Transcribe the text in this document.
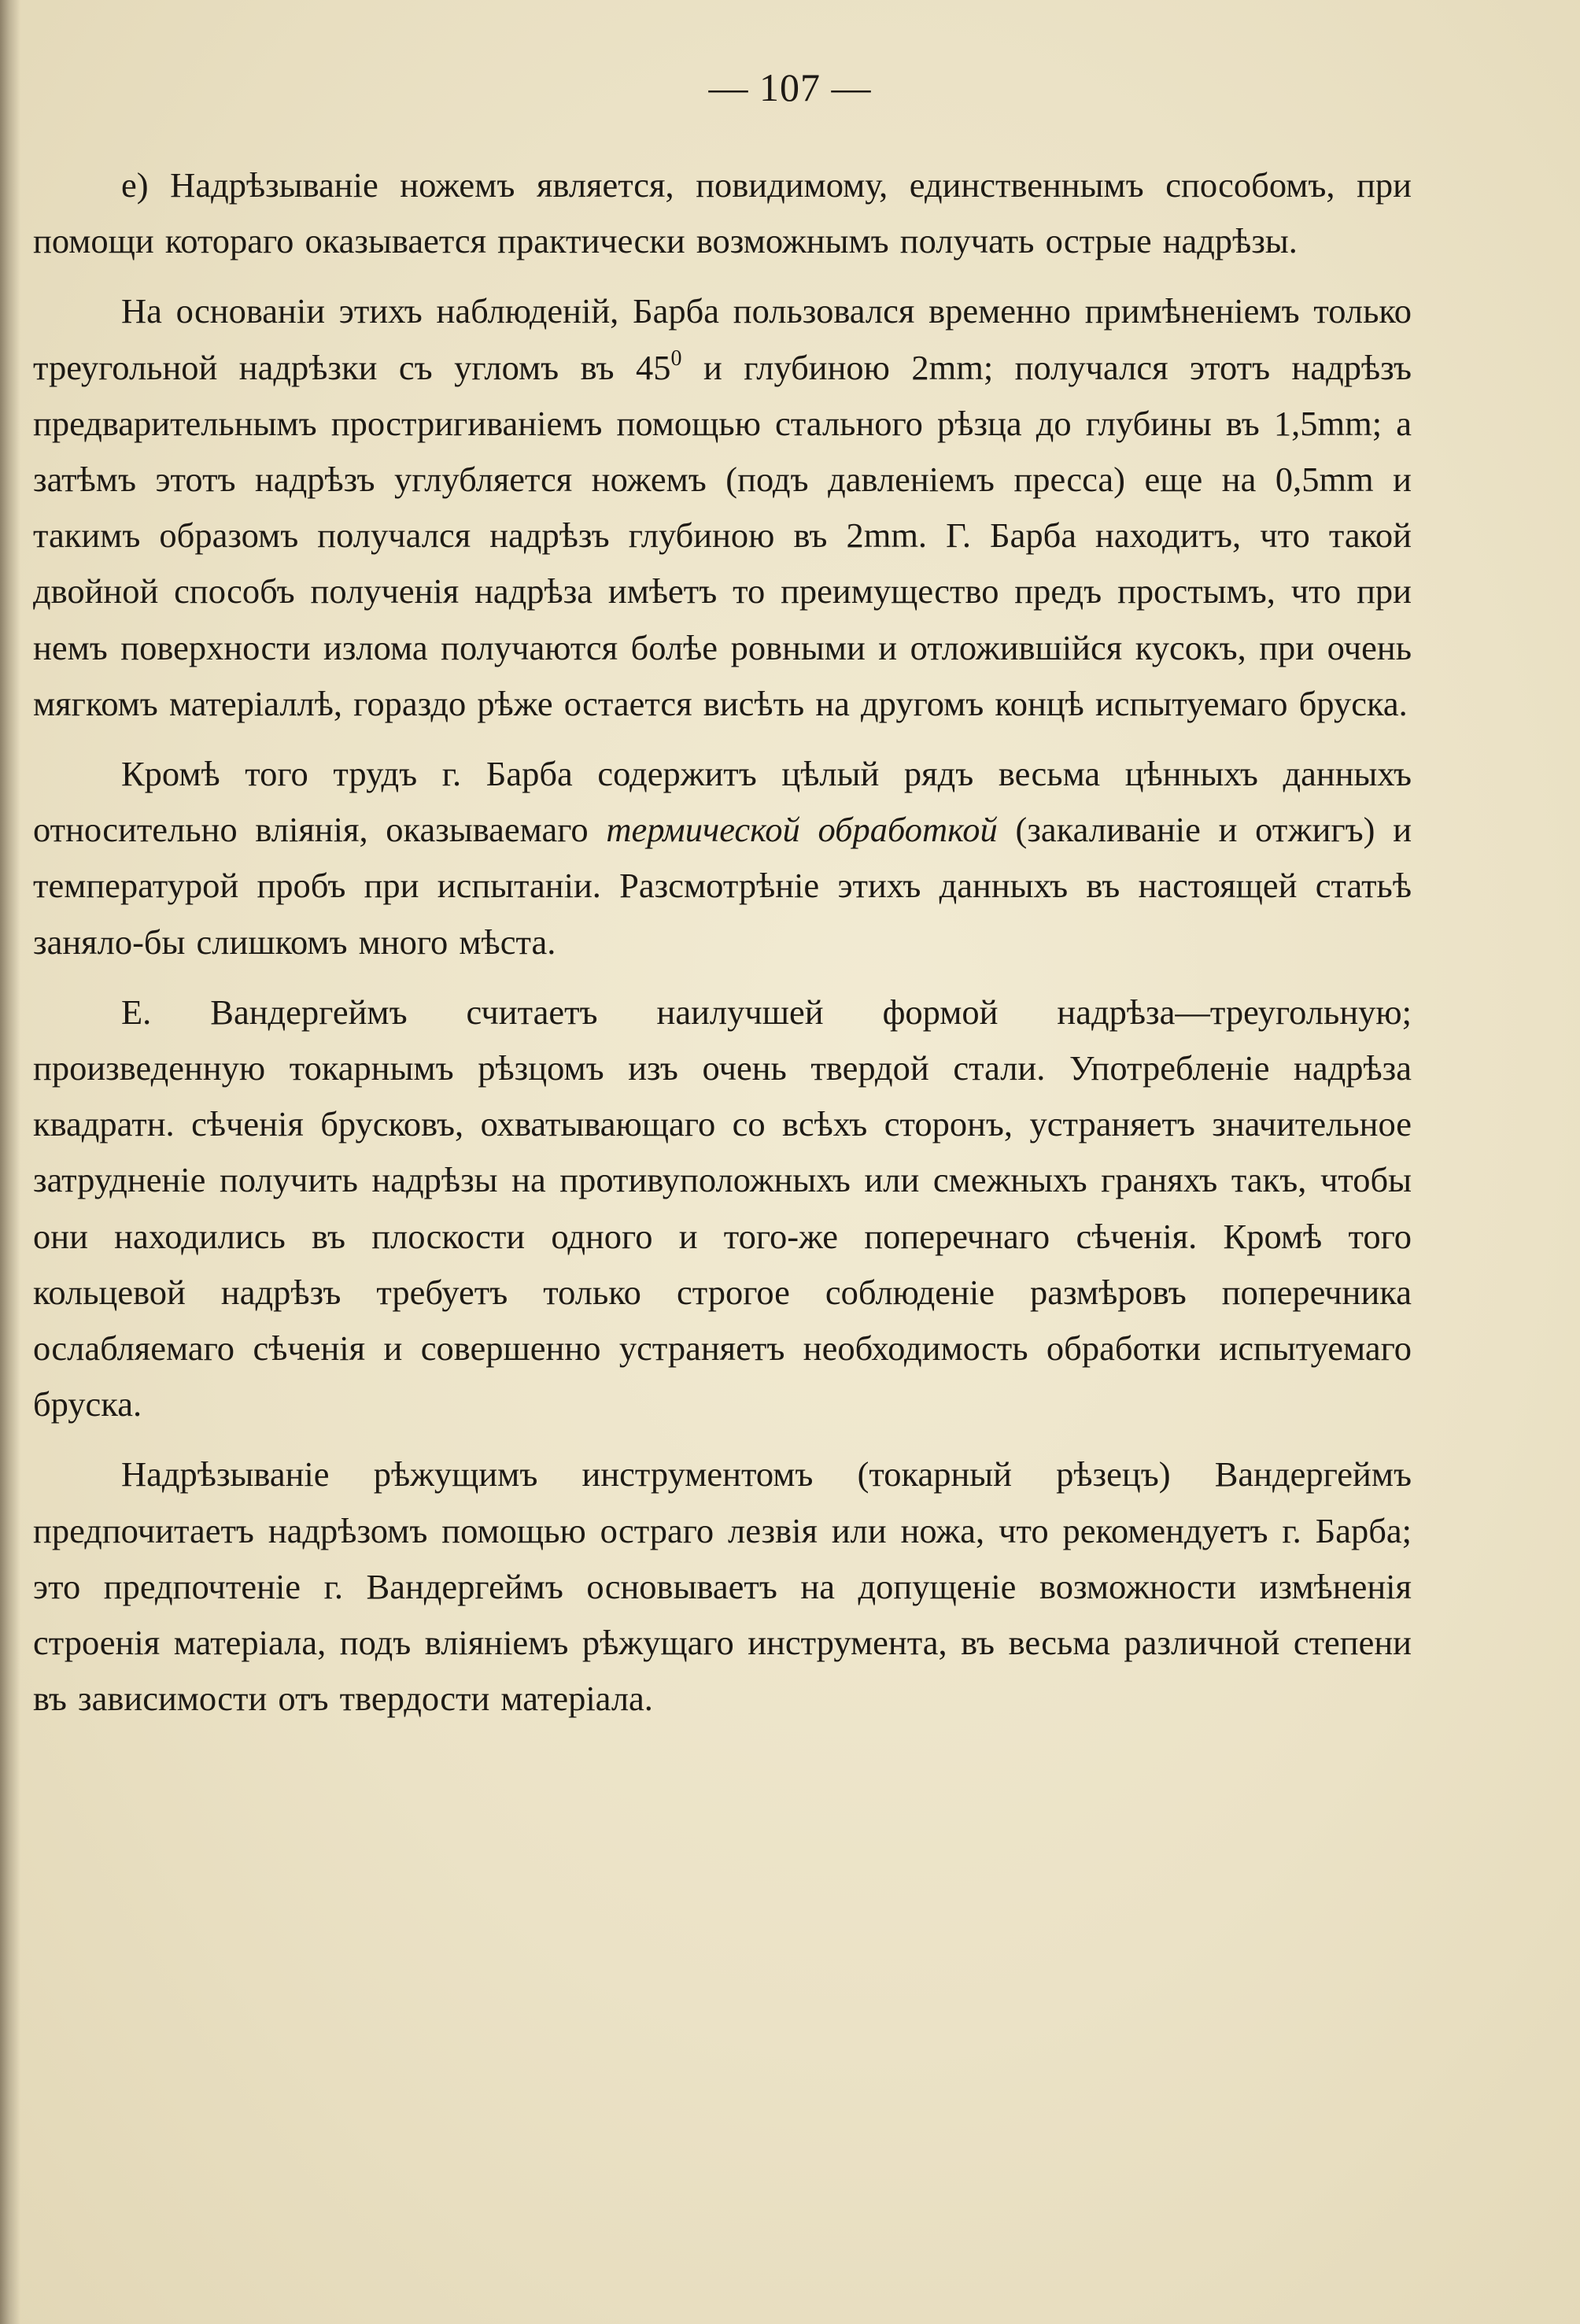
— 107 —

е) Надрѣзываніе ножемъ является, повидимому, единственнымъ способомъ, при помощи котораго оказывается практически возможнымъ получать острые надрѣзы.

На основаніи этихъ наблюденій, Барба пользовался временно примѣненіемъ только треугольной надрѣзки съ угломъ въ $45^0$ и глубиною 2mm; получался этотъ надрѣзъ предварительнымъ простригиваніемъ помощью стального рѣзца до глубины въ 1,5mm; а затѣмъ этотъ надрѣзъ углубляется ножемъ (подъ давленіемъ пресса) еще на 0,5mm и такимъ образомъ получался надрѣзъ глубиною въ 2mm. Г. Барба находитъ, что такой двойной способъ полученія надрѣза имѣетъ то преимущество предъ простымъ, что при немъ поверхности излома получаются болѣе ровными и отложившійся кусокъ, при очень мягкомъ матеріаллѣ, гораздо рѣже остается висѣть на другомъ концѣ испытуемаго бруска.

Кромѣ того трудъ г. Барба содержитъ цѣлый рядъ весьма цѣнныхъ данныхъ относительно вліянія, оказываемаго термической обработкой (закаливаніе и отжигъ) и температурой пробъ при испытаніи. Разсмотрѣніе этихъ данныхъ въ настоящей статьѣ заняло-бы слишкомъ много мѣста.

Е. Вандергеймъ считаетъ наилучшей формой надрѣза—треугольную; произведенную токарнымъ рѣзцомъ изъ очень твердой стали. Употребленіе надрѣза квадратн. сѣченія брусковъ, охватывающаго со всѣхъ сторонъ, устраняетъ значительное затрудненіе получить надрѣзы на противуположныхъ или смежныхъ граняхъ такъ, чтобы они находились въ плоскости одного и того-же поперечнаго сѣченія. Кромѣ того кольцевой надрѣзъ требуетъ только строгое соблюденіе размѣровъ поперечника ослабляемаго сѣченія и совершенно устраняетъ необходимость обработки испытуемаго бруска.

Надрѣзываніе рѣжущимъ инструментомъ (токарный рѣзецъ) Вандергеймъ предпочитаетъ надрѣзомъ помощью остраго лезвія или ножа, что рекомендуетъ г. Барба; это предпочтеніе г. Вандергеймъ основываетъ на допущеніе возможности измѣненія строенія матеріала, подъ вліяніемъ рѣжущаго инструмента, въ весьма различной степени въ зависимости отъ твердости матеріала.
